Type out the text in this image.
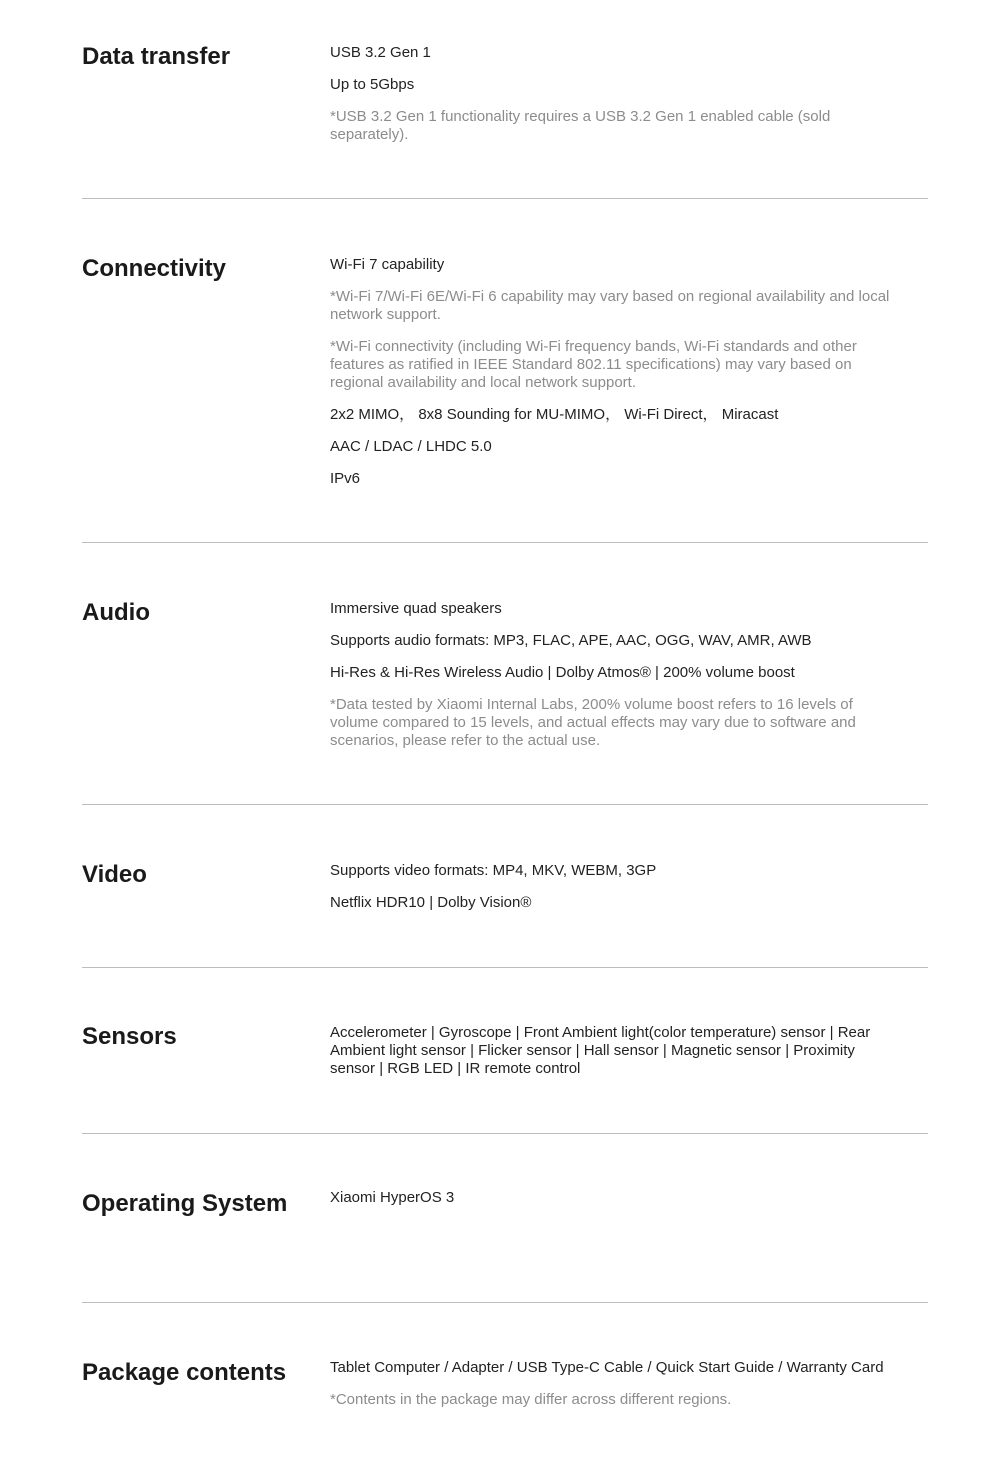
Data transfer	USB 3.2 Gen 1

Up to 5Gbps

*USB 3.2 Gen 1 functionality requires a USB 3.2 Gen 1 enabled cable (sold separately).

Connectivity	Wi-Fi 7 capability

*Wi-Fi 7/Wi-Fi 6E/Wi-Fi 6 capability may vary based on regional availability and local network support.

*Wi-Fi connectivity (including Wi-Fi frequency bands, Wi-Fi standards and other features as ratified in IEEE Standard 802.11 specifications) may vary based on regional availability and local network support.

2x2 MIMO， 8x8 Sounding for MU-MIMO， Wi-Fi Direct， Miracast

AAC / LDAC / LHDC 5.0

IPv6

Audio	Immersive quad speakers

Supports audio formats: MP3, FLAC, APE, AAC, OGG, WAV, AMR, AWB

Hi-Res & Hi-Res Wireless Audio | Dolby Atmos® | 200% volume boost

*Data tested by Xiaomi Internal Labs, 200% volume boost refers to 16 levels of volume compared to 15 levels, and actual effects may vary due to software and scenarios, please refer to the actual use.

Video	Supports video formats: MP4, MKV, WEBM, 3GP

Netflix HDR10 | Dolby Vision®

Sensors	Accelerometer | Gyroscope | Front Ambient light(color temperature) sensor | Rear Ambient light sensor | Flicker sensor | Hall sensor | Magnetic sensor | Proximity sensor | RGB LED | IR remote control

Operating System	Xiaomi HyperOS 3

Package contents	Tablet Computer / Adapter / USB Type-C Cable / Quick Start Guide / Warranty Card

*Contents in the package may differ across different regions.
